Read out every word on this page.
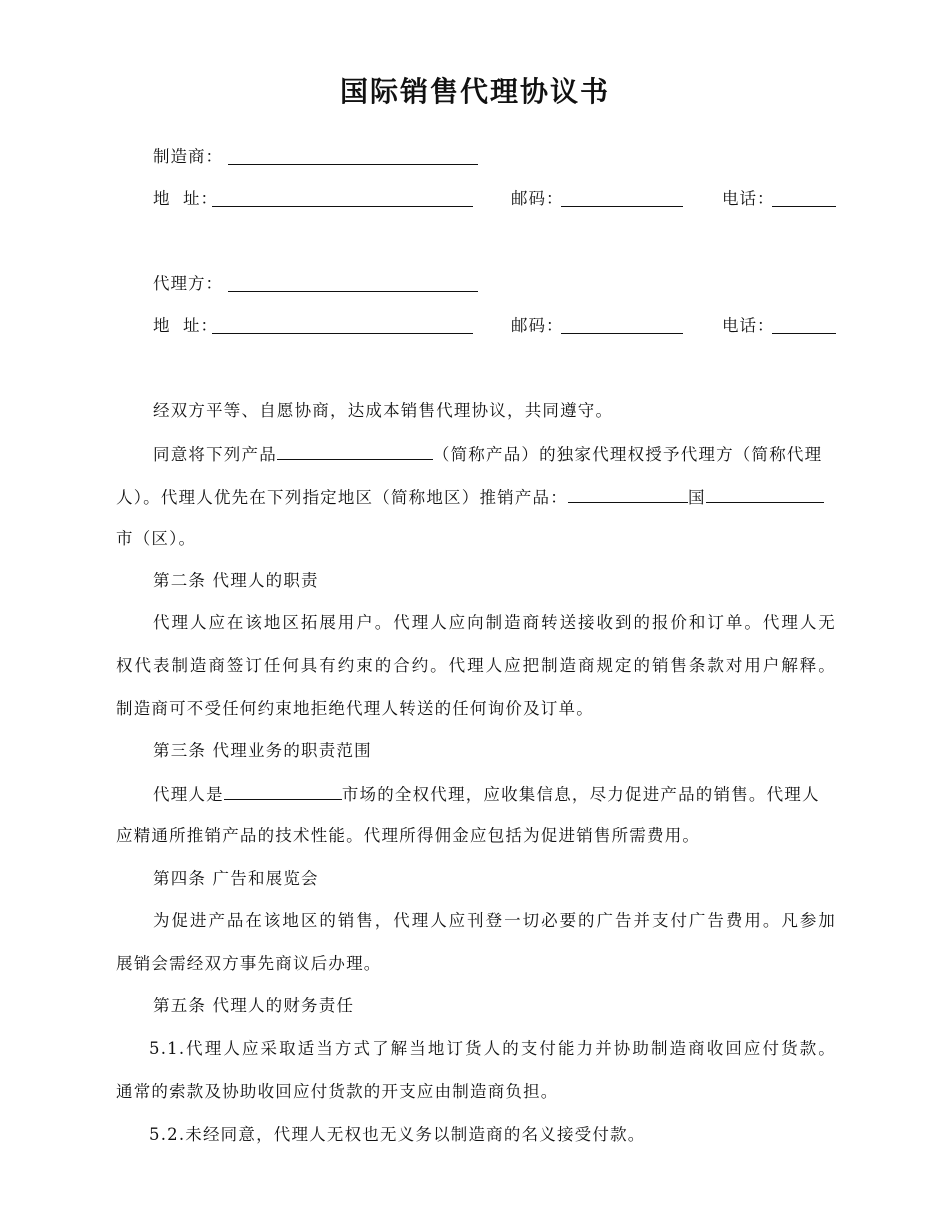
国际销售代理协议书
制造商：
地  址：	邮码：	电话：
代理方：
地  址：	邮码：	电话：
经双方平等、自愿协商，达成本销售代理协议，共同遵守。
同意将下列产品	（简称产品）的独家代理权授予代理方（简称代理
人）。代理人优先在下列指定地区（简称地区）推销产品：	国
市（区）。
第二条 代理人的职责
代理人应在该地区拓展用户。代理人应向制造商转送接收到的报价和订单。代理人无
权代表制造商签订任何具有约束的合约。代理人应把制造商规定的销售条款对用户解释。
制造商可不受任何约束地拒绝代理人转送的任何询价及订单。
第三条 代理业务的职责范围
代理人是	市场的全权代理，应收集信息，尽力促进产品的销售。代理人
应精通所推销产品的技术性能。代理所得佣金应包括为促进销售所需费用。
第四条 广告和展览会
为促进产品在该地区的销售，代理人应刊登一切必要的广告并支付广告费用。凡参加
展销会需经双方事先商议后办理。
第五条 代理人的财务责任
5.1.代理人应采取适当方式了解当地订货人的支付能力并协助制造商收回应付货款。
通常的索款及协助收回应付货款的开支应由制造商负担。
5.2.未经同意，代理人无权也无义务以制造商的名义接受付款。
